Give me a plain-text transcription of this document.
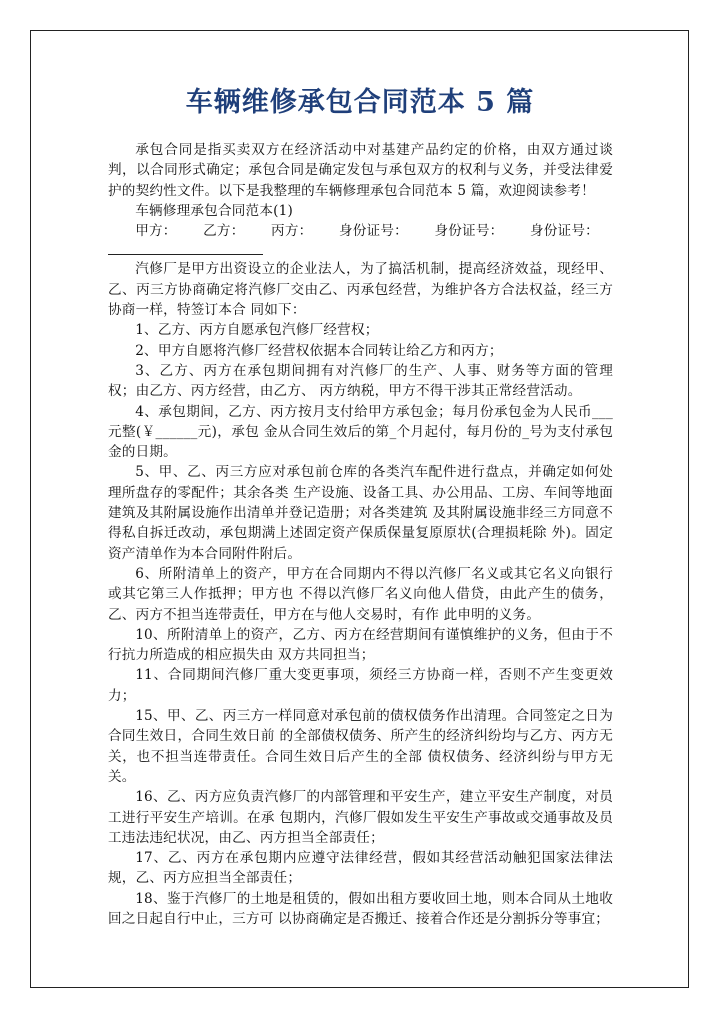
车辆维修承包合同范本 5 篇

承包合同是指买卖双方在经济活动中对基建产品约定的价格，由双方通过谈判，以合同形式确定；承包合同是确定发包与承包双方的权利与义务，并受法律爱护的契约性文件。以下是我整理的车辆修理承包合同范本 5 篇，欢迎阅读参考！

车辆修理承包合同范本(1)
甲方： 乙方： 丙方： 身份证号： 身份证号： 身份证号：

汽修厂是甲方出资设立的企业法人，为了搞活机制，提高经济效益，现经甲、 乙、丙三方协商确定将汽修厂交由乙、丙承包经营，为维护各方合法权益，经三方协商一样，特签订本合 同如下：

1、乙方、丙方自愿承包汽修厂经营权；

2、甲方自愿将汽修厂经营权依据本合同转让给乙方和丙方；

3、乙方、丙方在承包期间拥有对汽修厂的生产、人事、财务等方面的管理权；由乙方、丙方经营，由乙方、 丙方纳税，甲方不得干涉其正常经营活动。

4、承包期间，乙方、丙方按月支付给甲方承包金；每月份承包金为人民币___元整(￥______元)，承包 金从合同生效后的第_个月起付，每月份的_号为支付承包金的日期。

5、甲、乙、丙三方应对承包前仓库的各类汽车配件进行盘点，并确定如何处理所盘存的零配件；其余各类 生产设施、设备工具、办公用品、工房、车间等地面建筑及其附属设施作出清单并登记造册；对各类建筑 及其附属设施非经三方同意不得私自拆迁改动，承包期满上述固定资产保质保量复原原状(合理损耗除 外)。固定资产清单作为本合同附件附后。

6、所附清单上的资产，甲方在合同期内不得以汽修厂名义或其它名义向银行或其它第三人作抵押；甲方也 不得以汽修厂名义向他人借贷，由此产生的债务，乙、丙方不担当连带责任，甲方在与他人交易时，有作 此申明的义务。

10、所附清单上的资产，乙方、丙方在经营期间有谨慎维护的义务，但由于不行抗力所造成的相应损失由 双方共同担当；

11、合同期间汽修厂重大变更事项，须经三方协商一样，否则不产生变更效力；

15、甲、乙、丙三方一样同意对承包前的债权债务作出清理。合同签定之日为合同生效日，合同生效日前 的全部债权债务、所产生的经济纠纷均与乙方、丙方无关，也不担当连带责任。合同生效日后产生的全部 债权债务、经济纠纷与甲方无关。

16、乙、丙方应负责汽修厂的内部管理和平安生产，建立平安生产制度，对员工进行平安生产培训。在承 包期内，汽修厂假如发生平安生产事故或交通事故及员工违法违纪状况，由乙、丙方担当全部责任；

17、乙、丙方在承包期内应遵守法律经营，假如其经营活动触犯国家法律法规，乙、丙方应担当全部责任；

18、鉴于汽修厂的土地是租赁的，假如出租方要收回土地，则本合同从土地收回之日起自行中止，三方可 以协商确定是否搬迁、接着合作还是分割拆分等事宜；
